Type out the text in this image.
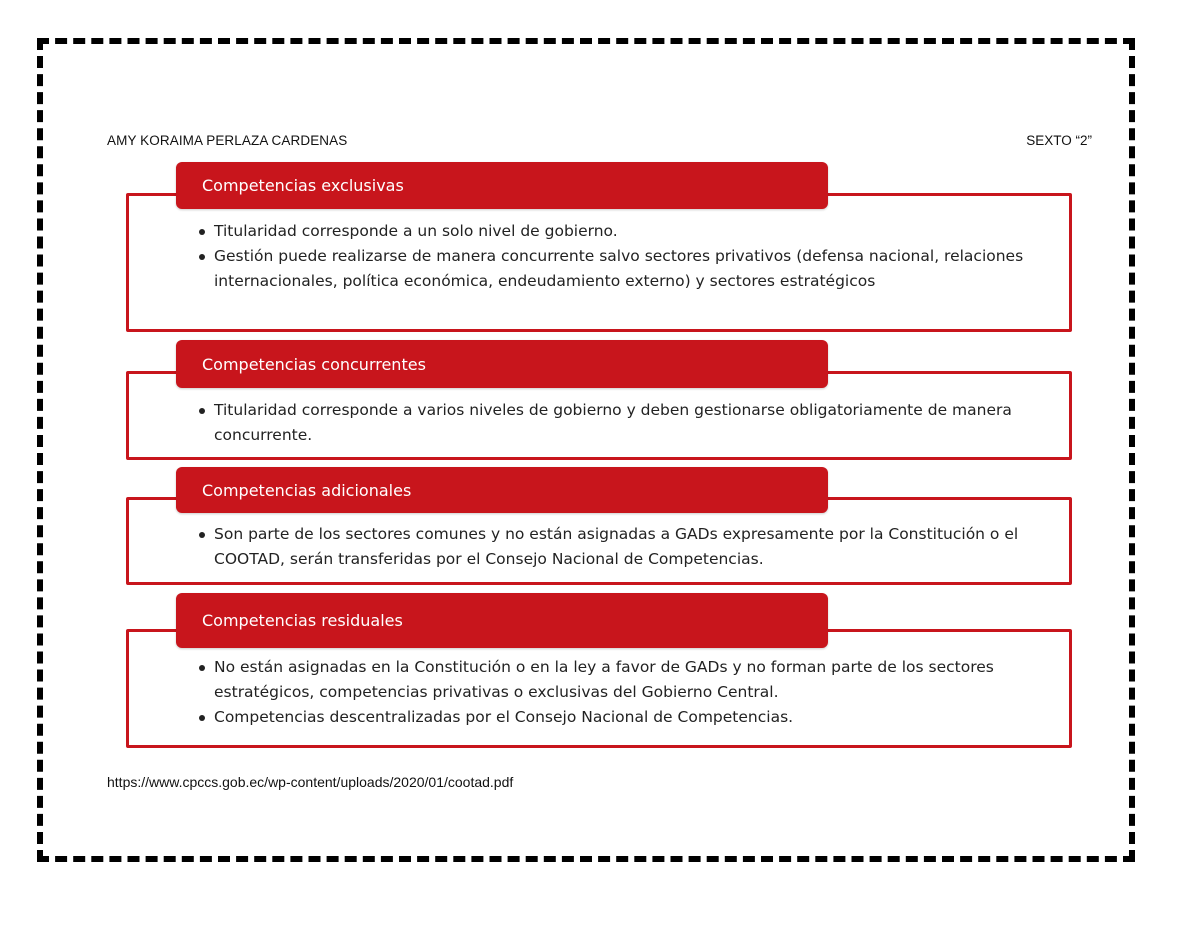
AMY KORAIMA PERLAZA CARDENAS	SEXTO “2”
Competencias exclusivas
Titularidad corresponde a un solo nivel de gobierno.
Gestión puede realizarse de manera concurrente salvo sectores privativos (defensa nacional, relaciones internacionales, política económica, endeudamiento externo) y sectores estratégicos
Competencias concurrentes
Titularidad corresponde a varios niveles de gobierno y deben gestionarse obligatoriamente de manera concurrente.
Competencias adicionales
Son parte de los sectores comunes y no están asignadas a GADs expresamente por la Constitución o el COOTAD, serán transferidas por el Consejo Nacional de Competencias.
Competencias residuales
No están asignadas en la Constitución o en la ley a favor de GADs y no forman parte de los sectores estratégicos, competencias privativas o exclusivas del Gobierno Central.
Competencias descentralizadas por el Consejo Nacional de Competencias.
https://www.cpccs.gob.ec/wp-content/uploads/2020/01/cootad.pdf
